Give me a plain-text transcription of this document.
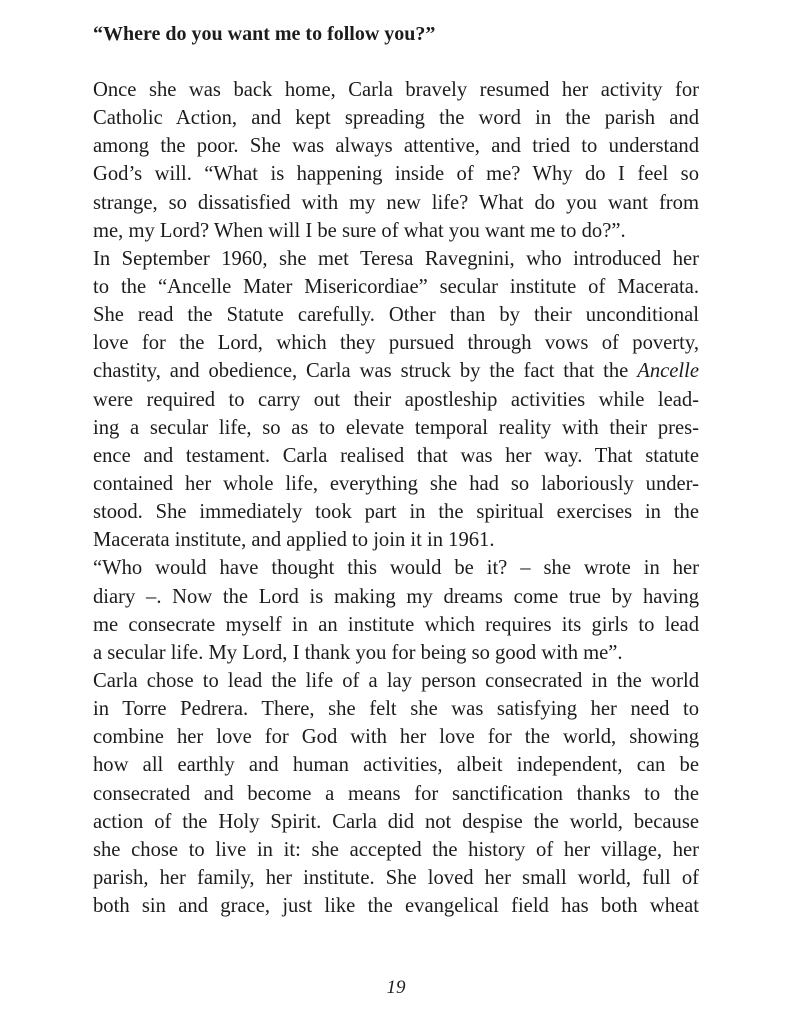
“Where do you want me to follow you?”
Once she was back home, Carla bravely resumed her activity for
Catholic Action, and kept spreading the word in the parish and
among the poor. She was always attentive, and tried to understand
God’s will. “What is happening inside of me? Why do I feel so
strange, so dissatisfied with my new life? What do you want from
me, my Lord? When will I be sure of what you want me to do?”.
In September 1960, she met Teresa Ravegnini, who introduced her
to the “Ancelle Mater Misericordiae” secular institute of Macerata.
She read the Statute carefully. Other than by their unconditional
love for the Lord, which they pursued through vows of poverty,
chastity, and obedience, Carla was struck by the fact that the Ancelle
were required to carry out their apostleship activities while lead-
ing a secular life, so as to elevate temporal reality with their pres-
ence and testament. Carla realised that was her way. That statute
contained her whole life, everything she had so laboriously under-
stood. She immediately took part in the spiritual exercises in the
Macerata institute, and applied to join it in 1961.
“Who would have thought this would be it? – she wrote in her
diary –. Now the Lord is making my dreams come true by having
me consecrate myself in an institute which requires its girls to lead
a secular life. My Lord, I thank you for being so good with me”.
Carla chose to lead the life of a lay person consecrated in the world
in Torre Pedrera. There, she felt she was satisfying her need to
combine her love for God with her love for the world, showing
how all earthly and human activities, albeit independent, can be
consecrated and become a means for sanctification thanks to the
action of the Holy Spirit. Carla did not despise the world, because
she chose to live in it: she accepted the history of her village, her
parish, her family, her institute. She loved her small world, full of
both sin and grace, just like the evangelical field has both wheat
19
